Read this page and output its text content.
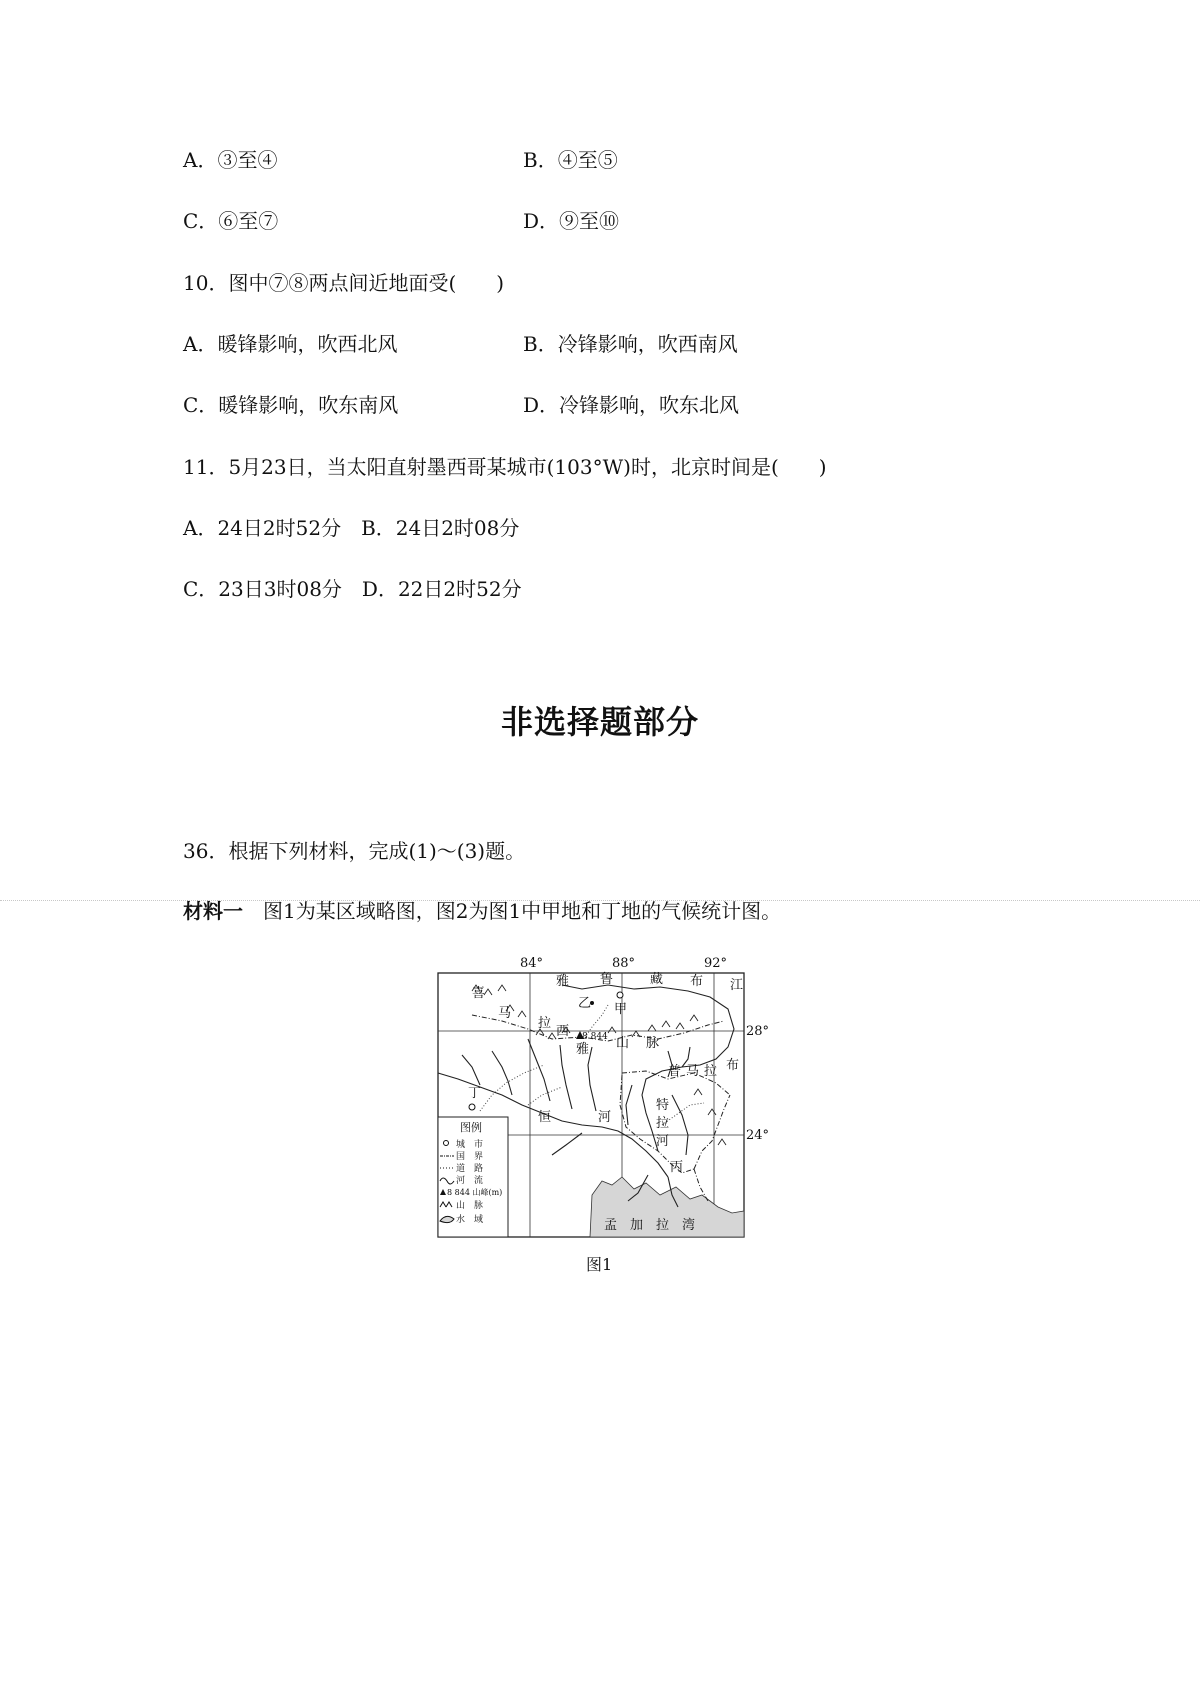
A．③至④	B．④至⑤
C．⑥至⑦	D．⑨至⑩
10．图中⑦⑧两点间近地面受(　　)
A．暖锋影响，吹西北风	B．冷锋影响，吹西南风
C．暖锋影响，吹东南风	D．冷锋影响，吹东北风
11．5月23日，当太阳直射墨西哥某城市(103°W)时，北京时间是(　　)
A．24日2时52分　B．24日2时08分
C．23日3时08分　D．22日2时52分
非选择题部分
36．根据下列材料，完成(1)～(3)题。
材料一　图1为某区域略图，图2为图1中甲地和丁地的气候统计图。
84°	88°	92°
28°
24°
喜
马
雅 鲁	藏 布 江
乙 甲
拉
西 8 844
雅 山 脉
普 拉 布
马
丁
恒	河
特
拉
河
丙
孟　加　拉　湾
图例
城　市
国　界
道　路
河　流
8 844 山峰(m)
山　脉
水　域
图1
